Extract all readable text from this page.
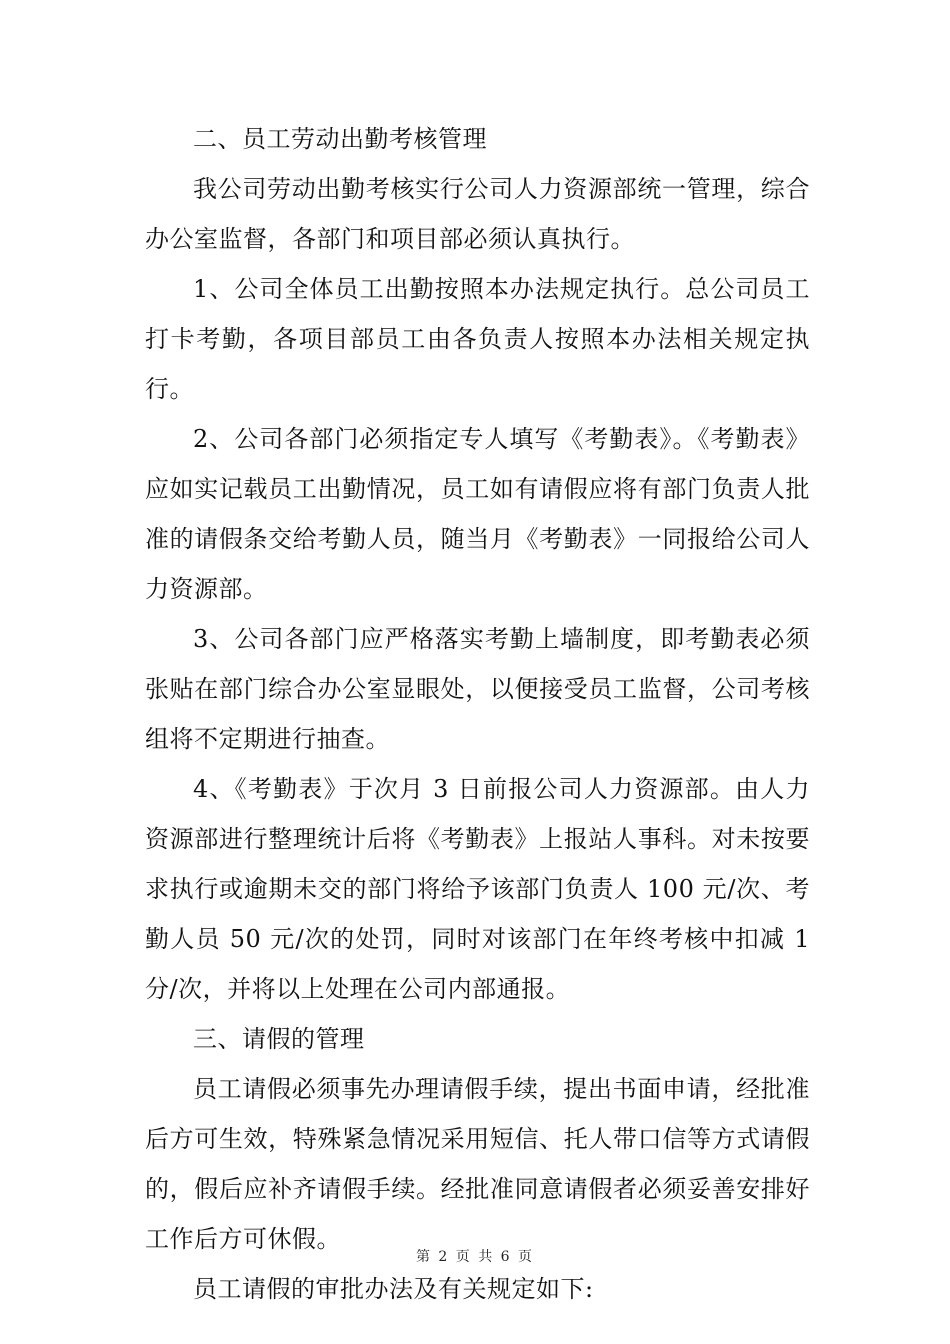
二、员工劳动出勤考核管理

我公司劳动出勤考核实行公司人力资源部统一管理，综合办公室监督，各部门和项目部必须认真执行。

1、公司全体员工出勤按照本办法规定执行。总公司员工打卡考勤，各项目部员工由各负责人按照本办法相关规定执行。

2、公司各部门必须指定专人填写《考勤表》。《考勤表》应如实记载员工出勤情况，员工如有请假应将有部门负责人批准的请假条交给考勤人员，随当月《考勤表》一同报给公司人力资源部。

3、公司各部门应严格落实考勤上墙制度，即考勤表必须张贴在部门综合办公室显眼处，以便接受员工监督，公司考核组将不定期进行抽查。

4、《考勤表》于次月 3 日前报公司人力资源部。由人力资源部进行整理统计后将《考勤表》上报站人事科。对未按要求执行或逾期未交的部门将给予该部门负责人 100 元/次、考勤人员 50 元/次的处罚，同时对该部门在年终考核中扣减 1 分/次，并将以上处理在公司内部通报。

三、请假的管理

员工请假必须事先办理请假手续，提出书面申请，经批准后方可生效，特殊紧急情况采用短信、托人带口信等方式请假的，假后应补齐请假手续。经批准同意请假者必须妥善安排好工作后方可休假。

员工请假的审批办法及有关规定如下:

第 2 页 共 6 页
